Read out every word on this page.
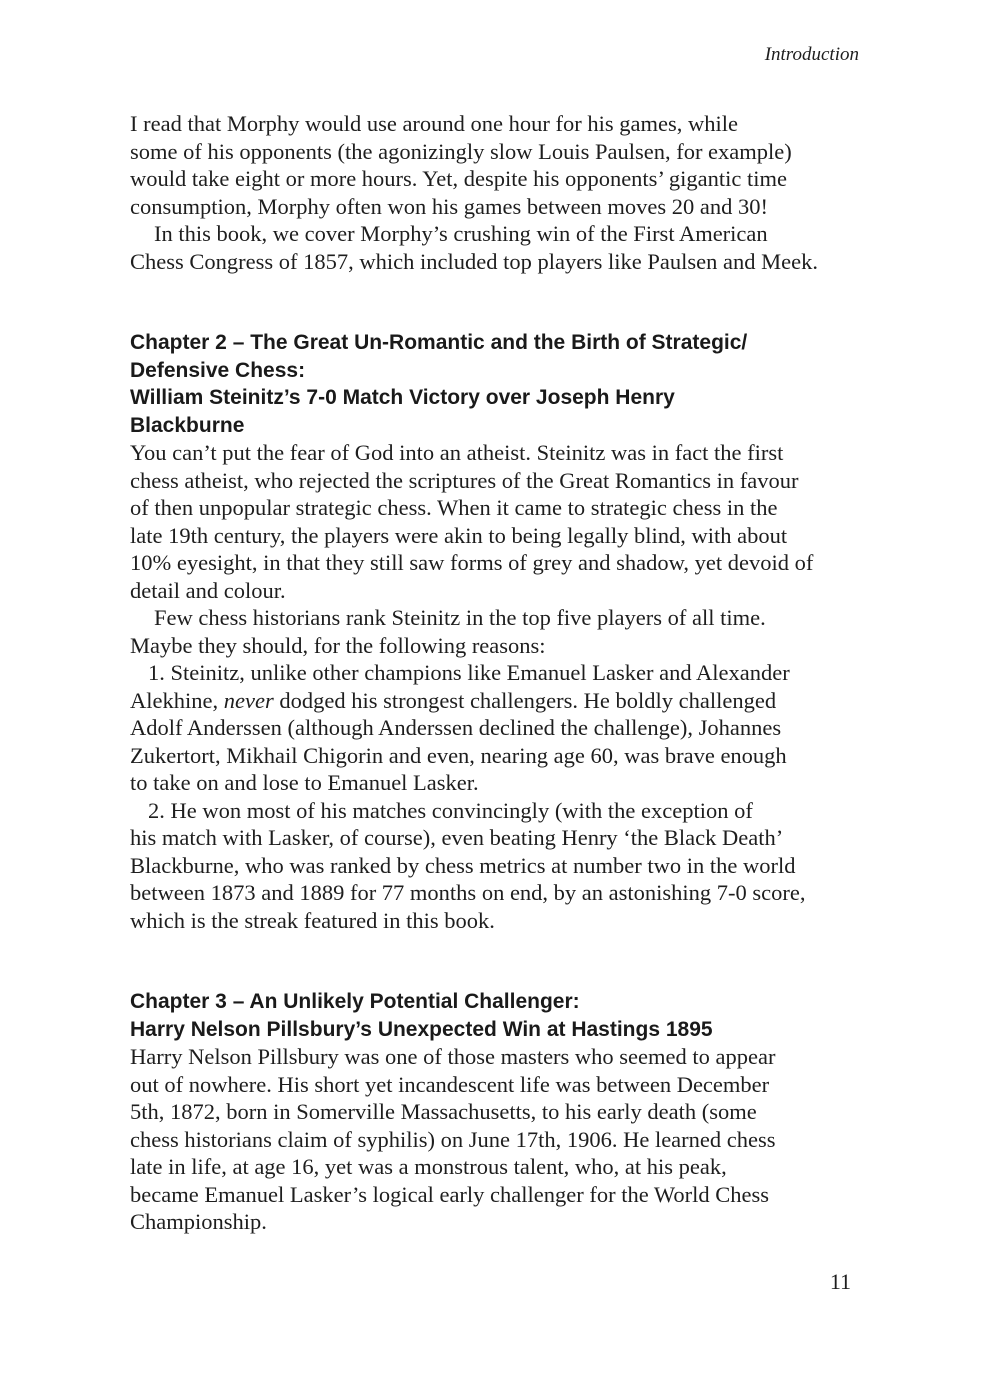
Introduction

I read that Morphy would use around one hour for his games, while
some of his opponents (the agonizingly slow Louis Paulsen, for example)
would take eight or more hours. Yet, despite his opponents’ gigantic time
consumption, Morphy often won his games between moves 20 and 30!

In this book, we cover Morphy’s crushing win of the First American
Chess Congress of 1857, which included top players like Paulsen and Meek.

Chapter 2 – The Great Un-Romantic and the Birth of Strategic/
Defensive Chess:
William Steinitz’s 7-0 Match Victory over Joseph Henry
Blackburne

You can’t put the fear of God into an atheist. Steinitz was in fact the first
chess atheist, who rejected the scriptures of the Great Romantics in favour
of then unpopular strategic chess. When it came to strategic chess in the
late 19th century, the players were akin to being legally blind, with about
10% eyesight, in that they still saw forms of grey and shadow, yet devoid of
detail and colour.

Few chess historians rank Steinitz in the top five players of all time.
Maybe they should, for the following reasons:

1. Steinitz, unlike other champions like Emanuel Lasker and Alexander
Alekhine, never dodged his strongest challengers. He boldly challenged
Adolf Anderssen (although Anderssen declined the challenge), Johannes
Zukertort, Mikhail Chigorin and even, nearing age 60, was brave enough
to take on and lose to Emanuel Lasker.

2. He won most of his matches convincingly (with the exception of
his match with Lasker, of course), even beating Henry ‘the Black Death’
Blackburne, who was ranked by chess metrics at number two in the world
between 1873 and 1889 for 77 months on end, by an astonishing 7-0 score,
which is the streak featured in this book.

Chapter 3 – An Unlikely Potential Challenger:
Harry Nelson Pillsbury’s Unexpected Win at Hastings 1895

Harry Nelson Pillsbury was one of those masters who seemed to appear
out of nowhere. His short yet incandescent life was between December
5th, 1872, born in Somerville Massachusetts, to his early death (some
chess historians claim of syphilis) on June 17th, 1906. He learned chess
late in life, at age 16, yet was a monstrous talent, who, at his peak,
became Emanuel Lasker’s logical early challenger for the World Chess
Championship.

11
